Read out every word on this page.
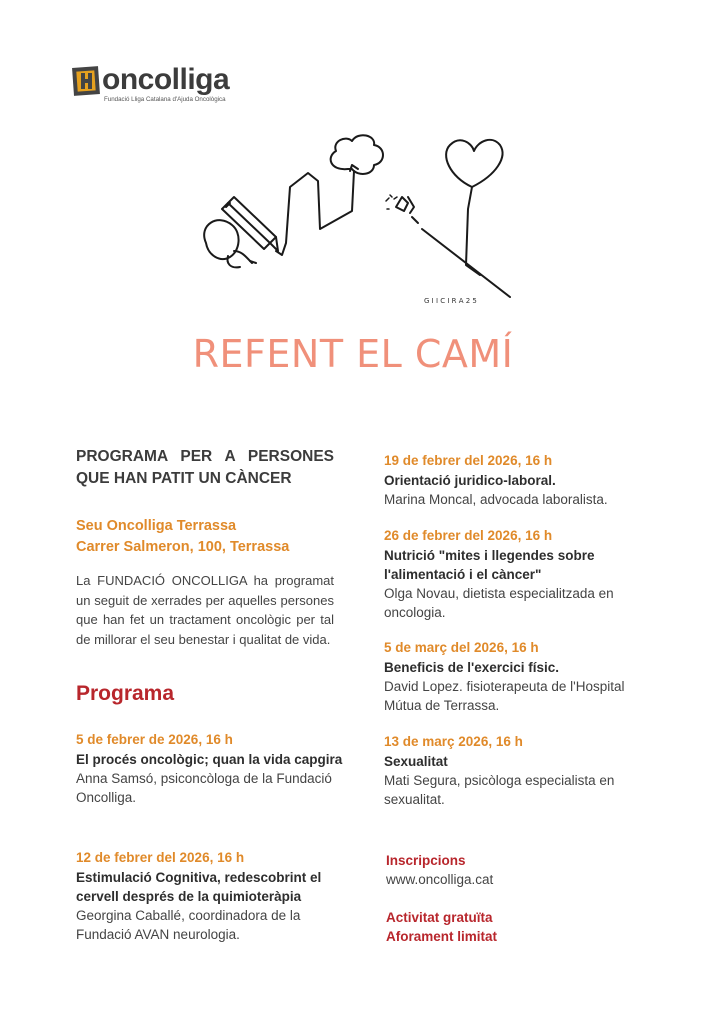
oncolliga
Fundació Lliga Catalana d'Ajuda Oncològica
G I I C I R A 2 5
REFENT EL CAMÍ
PROGRAMA PER A PERSONES QUE HAN PATIT UN CÀNCER
Seu Oncolliga Terrassa
Carrer Salmeron, 100, Terrassa
La FUNDACIÓ ONCOLLIGA ha programat un seguit de xerrades per aquelles persones que han fet un tractament oncològic per tal de millorar el seu benestar i qualitat de vida.
Programa
5 de febrer de 2026, 16 h
El procés oncològic; quan la vida capgira
Anna Samsó, psiconcòloga de la Fundació Oncolliga.
12 de febrer del 2026, 16 h
Estimulació Cognitiva, redescobrint el cervell després de la quimioteràpia
Georgina Caballé, coordinadora de la Fundació AVAN neurologia.
19 de febrer del 2026, 16 h
Orientació juridico-laboral.
Marina Moncal, advocada laboralista.
26 de febrer del 2026, 16 h
Nutrició "mites i llegendes sobre l'alimentació i el càncer"
Olga Novau, dietista especialitzada en oncologia.
5 de març del 2026, 16 h
Beneficis de l'exercici físic.
David Lopez. fisioterapeuta de l'Hospital Mútua de Terrassa.
13 de març 2026, 16 h
Sexualitat
Mati Segura, psicòloga especialista en sexualitat.
Inscripcions
www.oncolliga.cat
Activitat gratuïta
Aforament limitat
